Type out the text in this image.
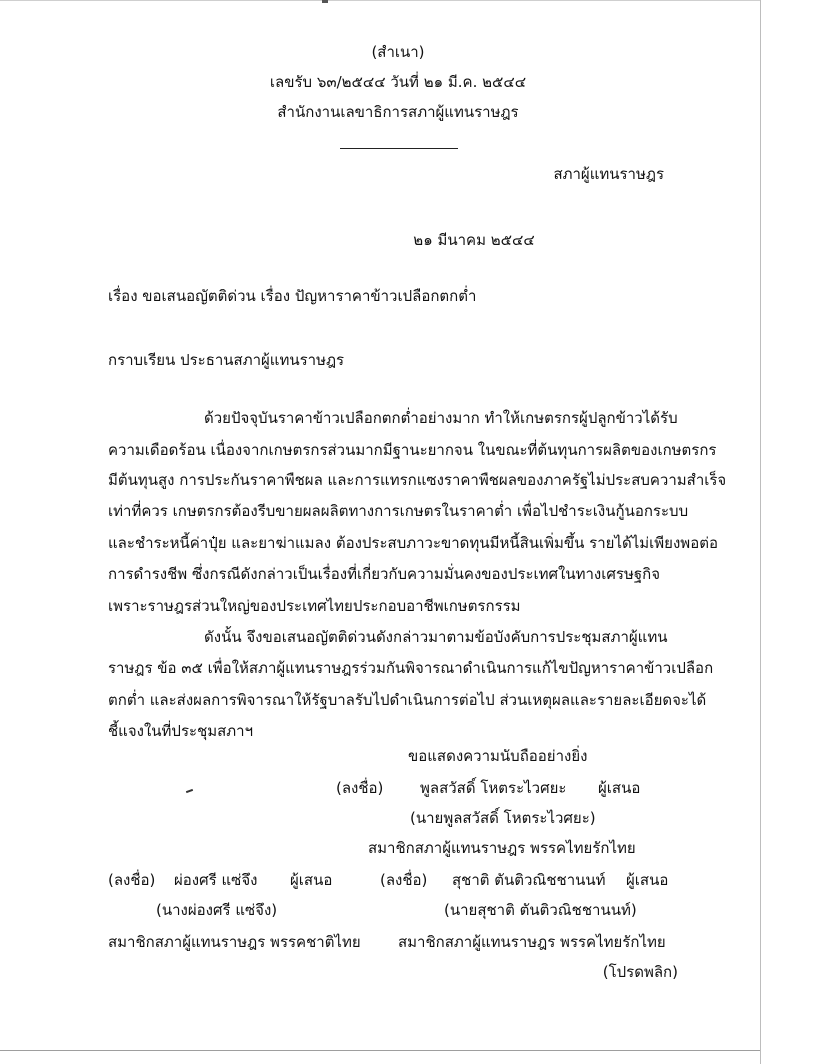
(สำเนา)
เลขรับ ๖๓/๒๕๔๔ วันที่ ๒๑ มี.ค. ๒๕๔๔
สำนักงานเลขาธิการสภาผู้แทนราษฎร
สภาผู้แทนราษฎร
๒๑ มีนาคม ๒๕๔๔
เรื่อง ขอเสนอญัตติด่วน เรื่อง ปัญหาราคาข้าวเปลือกตกต่ำ
กราบเรียน ประธานสภาผู้แทนราษฎร
ด้วยปัจจุบันราคาข้าวเปลือกตกต่ำอย่างมาก ทำให้เกษตรกรผู้ปลูกข้าวได้รับ
ความเดือดร้อน เนื่องจากเกษตรกรส่วนมากมีฐานะยากจน ในขณะที่ต้นทุนการผลิตของเกษตรกร
มีต้นทุนสูง การประกันราคาพืชผล และการแทรกแซงราคาพืชผลของภาครัฐไม่ประสบความสำเร็จ
เท่าที่ควร เกษตรกรต้องรีบขายผลผลิตทางการเกษตรในราคาต่ำ เพื่อไปชำระเงินกู้นอกระบบ
และชำระหนี้ค่าปุ๋ย และยาฆ่าแมลง ต้องประสบภาวะขาดทุนมีหนี้สินเพิ่มขึ้น รายได้ไม่เพียงพอต่อ
การดำรงชีพ ซึ่งกรณีดังกล่าวเป็นเรื่องที่เกี่ยวกับความมั่นคงของประเทศในทางเศรษฐกิจ
เพราะราษฎรส่วนใหญ่ของประเทศไทยประกอบอาชีพเกษตรกรรม
ดังนั้น จึงขอเสนอญัตติด่วนดังกล่าวมาตามข้อบังคับการประชุมสภาผู้แทน
ราษฎร ข้อ ๓๕ เพื่อให้สภาผู้แทนราษฎรร่วมกันพิจารณาดำเนินการแก้ไขปัญหาราคาข้าวเปลือก
ตกต่ำ และส่งผลการพิจารณาให้รัฐบาลรับไปดำเนินการต่อไป ส่วนเหตุผลและรายละเอียดจะได้
ชี้แจงในที่ประชุมสภาฯ
ขอแสดงความนับถืออย่างยิ่ง
(ลงชื่อ) พูลสวัสดิ์ โหตระไวศยะ ผู้เสนอ
(นายพูลสวัสดิ์ โหตระไวศยะ)
สมาชิกสภาผู้แทนราษฎร พรรคไทยรักไทย
(ลงชื่อ) ผ่องศรี แซ่จึง ผู้เสนอ
(นางผ่องศรี แซ่จึง)
สมาชิกสภาผู้แทนราษฎร พรรคชาติไทย
(ลงชื่อ) สุชาติ ตันติวณิชชานนท์ ผู้เสนอ
(นายสุชาติ ตันติวณิชชานนท์)
สมาชิกสภาผู้แทนราษฎร พรรคไทยรักไทย
(โปรดพลิก)
